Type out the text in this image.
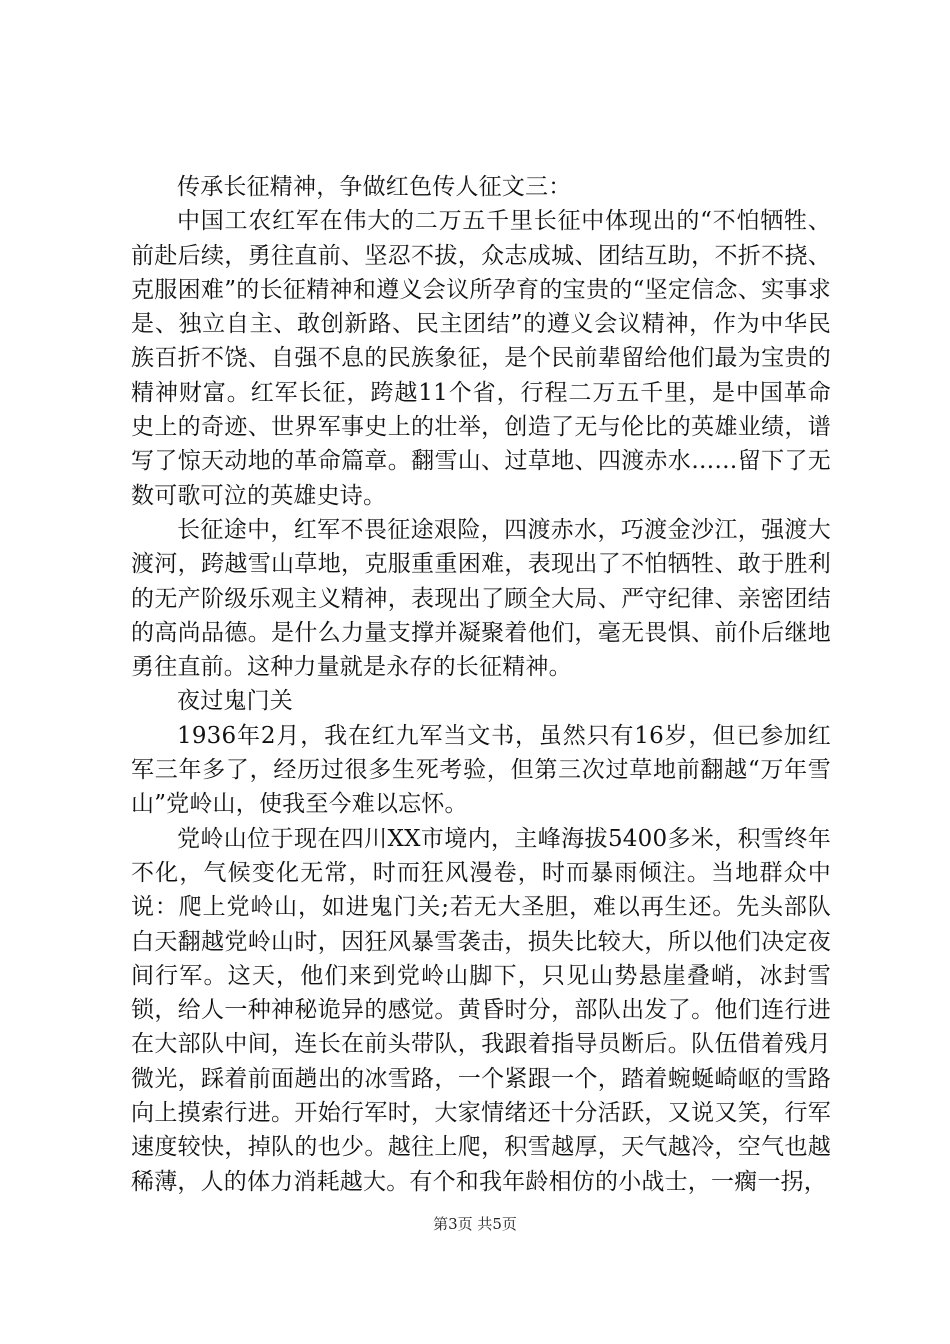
传承长征精神，争做红色传人征文三：

中国工农红军在伟大的二万五千里长征中体现出的“不怕牺牲、前赴后续，勇往直前、坚忍不拔，众志成城、团结互助，不折不挠、克服困难”的长征精神和遵义会议所孕育的宝贵的“坚定信念、实事求是、独立自主、敢创新路、民主团结”的遵义会议精神，作为中华民族百折不饶、自强不息的民族象征，是个民前辈留给他们最为宝贵的精神财富。红军长征，跨越11个省，行程二万五千里，是中国革命史上的奇迹、世界军事史上的壮举，创造了无与伦比的英雄业绩，谱写了惊天动地的革命篇章。翻雪山、过草地、四渡赤水……留下了无数可歌可泣的英雄史诗。

长征途中，红军不畏征途艰险，四渡赤水，巧渡金沙江，强渡大渡河，跨越雪山草地，克服重重困难，表现出了不怕牺牲、敢于胜利的无产阶级乐观主义精神，表现出了顾全大局、严守纪律、亲密团结的高尚品德。是什么力量支撑并凝聚着他们，毫无畏惧、前仆后继地勇往直前。这种力量就是永存的长征精神。

夜过鬼门关

1936年2月，我在红九军当文书，虽然只有16岁，但已参加红军三年多了，经历过很多生死考验，但第三次过草地前翻越“万年雪山”党岭山，使我至今难以忘怀。

党岭山位于现在四川XX市境内，主峰海拔5400多米，积雪终年不化，气候变化无常，时而狂风漫卷，时而暴雨倾注。当地群众中说：爬上党岭山，如进鬼门关;若无大圣胆，难以再生还。先头部队白天翻越党岭山时，因狂风暴雪袭击，损失比较大，所以他们决定夜间行军。这天，他们来到党岭山脚下，只见山势悬崖叠峭，冰封雪锁，给人一种神秘诡异的感觉。黄昏时分，部队出发了。他们连行进在大部队中间，连长在前头带队，我跟着指导员断后。队伍借着残月微光，踩着前面趟出的冰雪路，一个紧跟一个，踏着蜿蜒崎岖的雪路向上摸索行进。开始行军时，大家情绪还十分活跃，又说又笑，行军速度较快，掉队的也少。越往上爬，积雪越厚，天气越冷，空气也越稀薄，人的体力消耗越大。有个和我年龄相仿的小战士，一瘸一拐，

第3页 共5页
